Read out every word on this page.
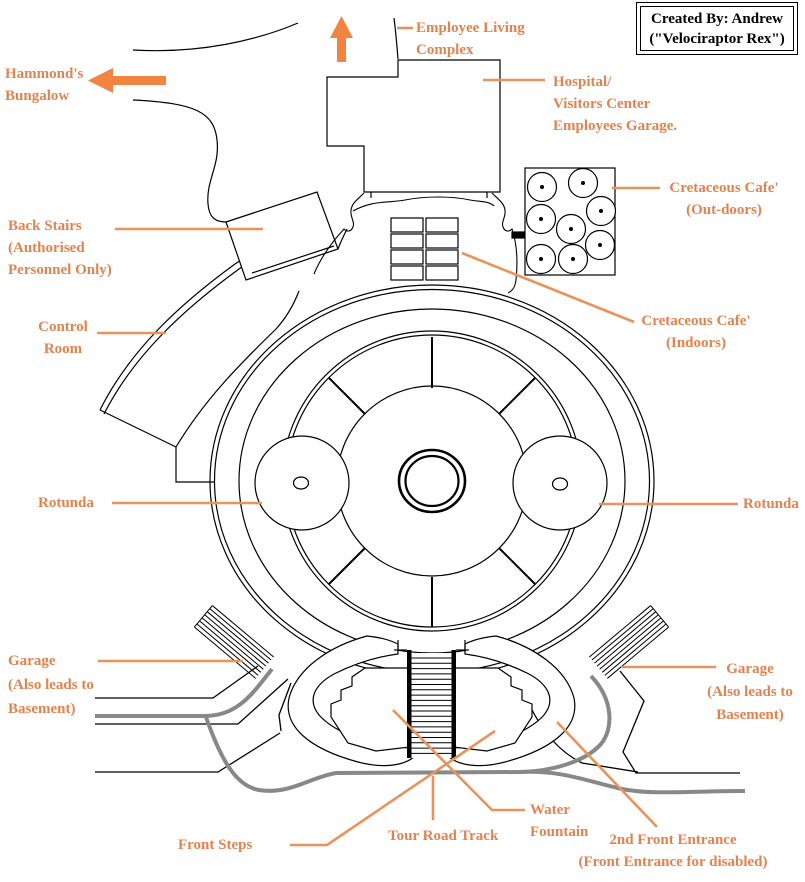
Hammond's
Bungalow
Employee Living
Complex
Hospital/
Visitors Center
Employees Garage.
Cretaceous Cafe'
(Out-doors)
Back Stairs
(Authorised
Personnel Only)
Control
Room
Cretaceous Cafe'
(Indoors)
Rotunda	Rotunda
Garage
(Also leads to
Basement)
Garage
(Also leads to
Basement)
Front Steps
Tour Road Track
Water
Fountain	2nd Front Entrance
(Front Entrance for disabled)
Created By: Andrew
("Velociraptor Rex")
